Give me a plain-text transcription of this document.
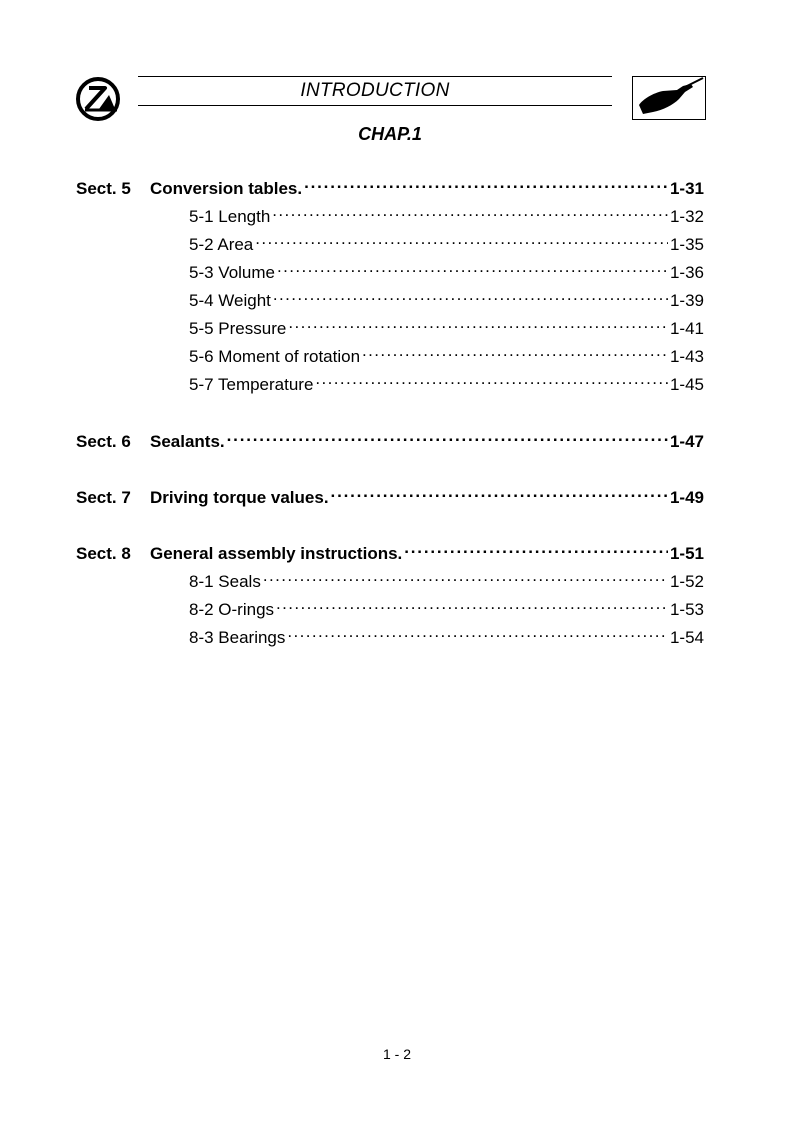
INTRODUCTION
CHAP.1
Sect. 5	Conversion tables. .....	1-31
5-1 Length .....	1-32
5-2 Area .....	1-35
5-3 Volume .....	1-36
5-4 Weight .....	1-39
5-5 Pressure .....	1-41
5-6 Moment of rotation .....	1-43
5-7 Temperature .....	1-45
Sect. 6	Sealants. .....	1-47
Sect. 7	Driving torque values. .....	1-49
Sect. 8	General assembly instructions. .....	1-51
8-1 Seals .....	1-52
8-2 O-rings .....	1-53
8-3 Bearings .....	1-54
1 - 2
